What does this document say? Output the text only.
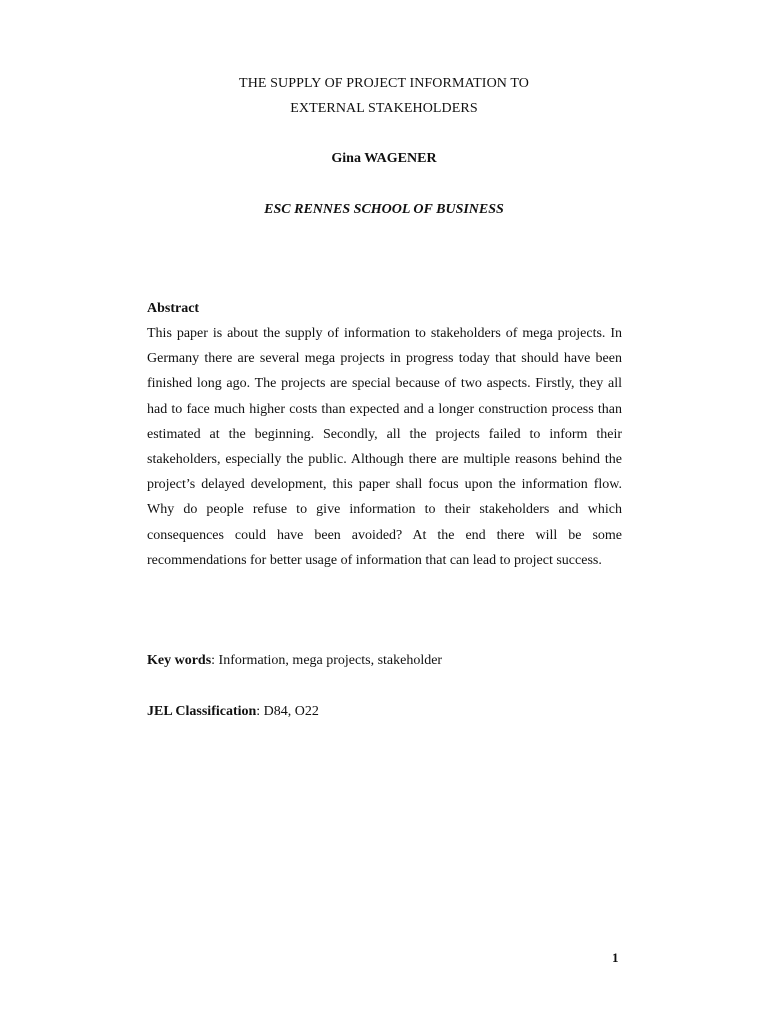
THE SUPPLY OF PROJECT INFORMATION TO
EXTERNAL STAKEHOLDERS
Gina WAGENER
ESC RENNES SCHOOL OF BUSINESS
Abstract

This paper is about the supply of information to stakeholders of mega projects. In Germany there are several mega projects in progress today that should have been finished long ago. The projects are special because of two aspects. Firstly, they all had to face much higher costs than expected and a longer construction process than estimated at the beginning. Secondly, all the projects failed to inform their stakeholders, especially the public. Although there are multiple reasons behind the project’s delayed development, this paper shall focus upon the information flow. Why do people refuse to give information to their stakeholders and which consequences could have been avoided? At the end there will be some recommendations for better usage of information that can lead to project success.

Key words: Information, mega projects, stakeholder
JEL Classification: D84, O22
1
